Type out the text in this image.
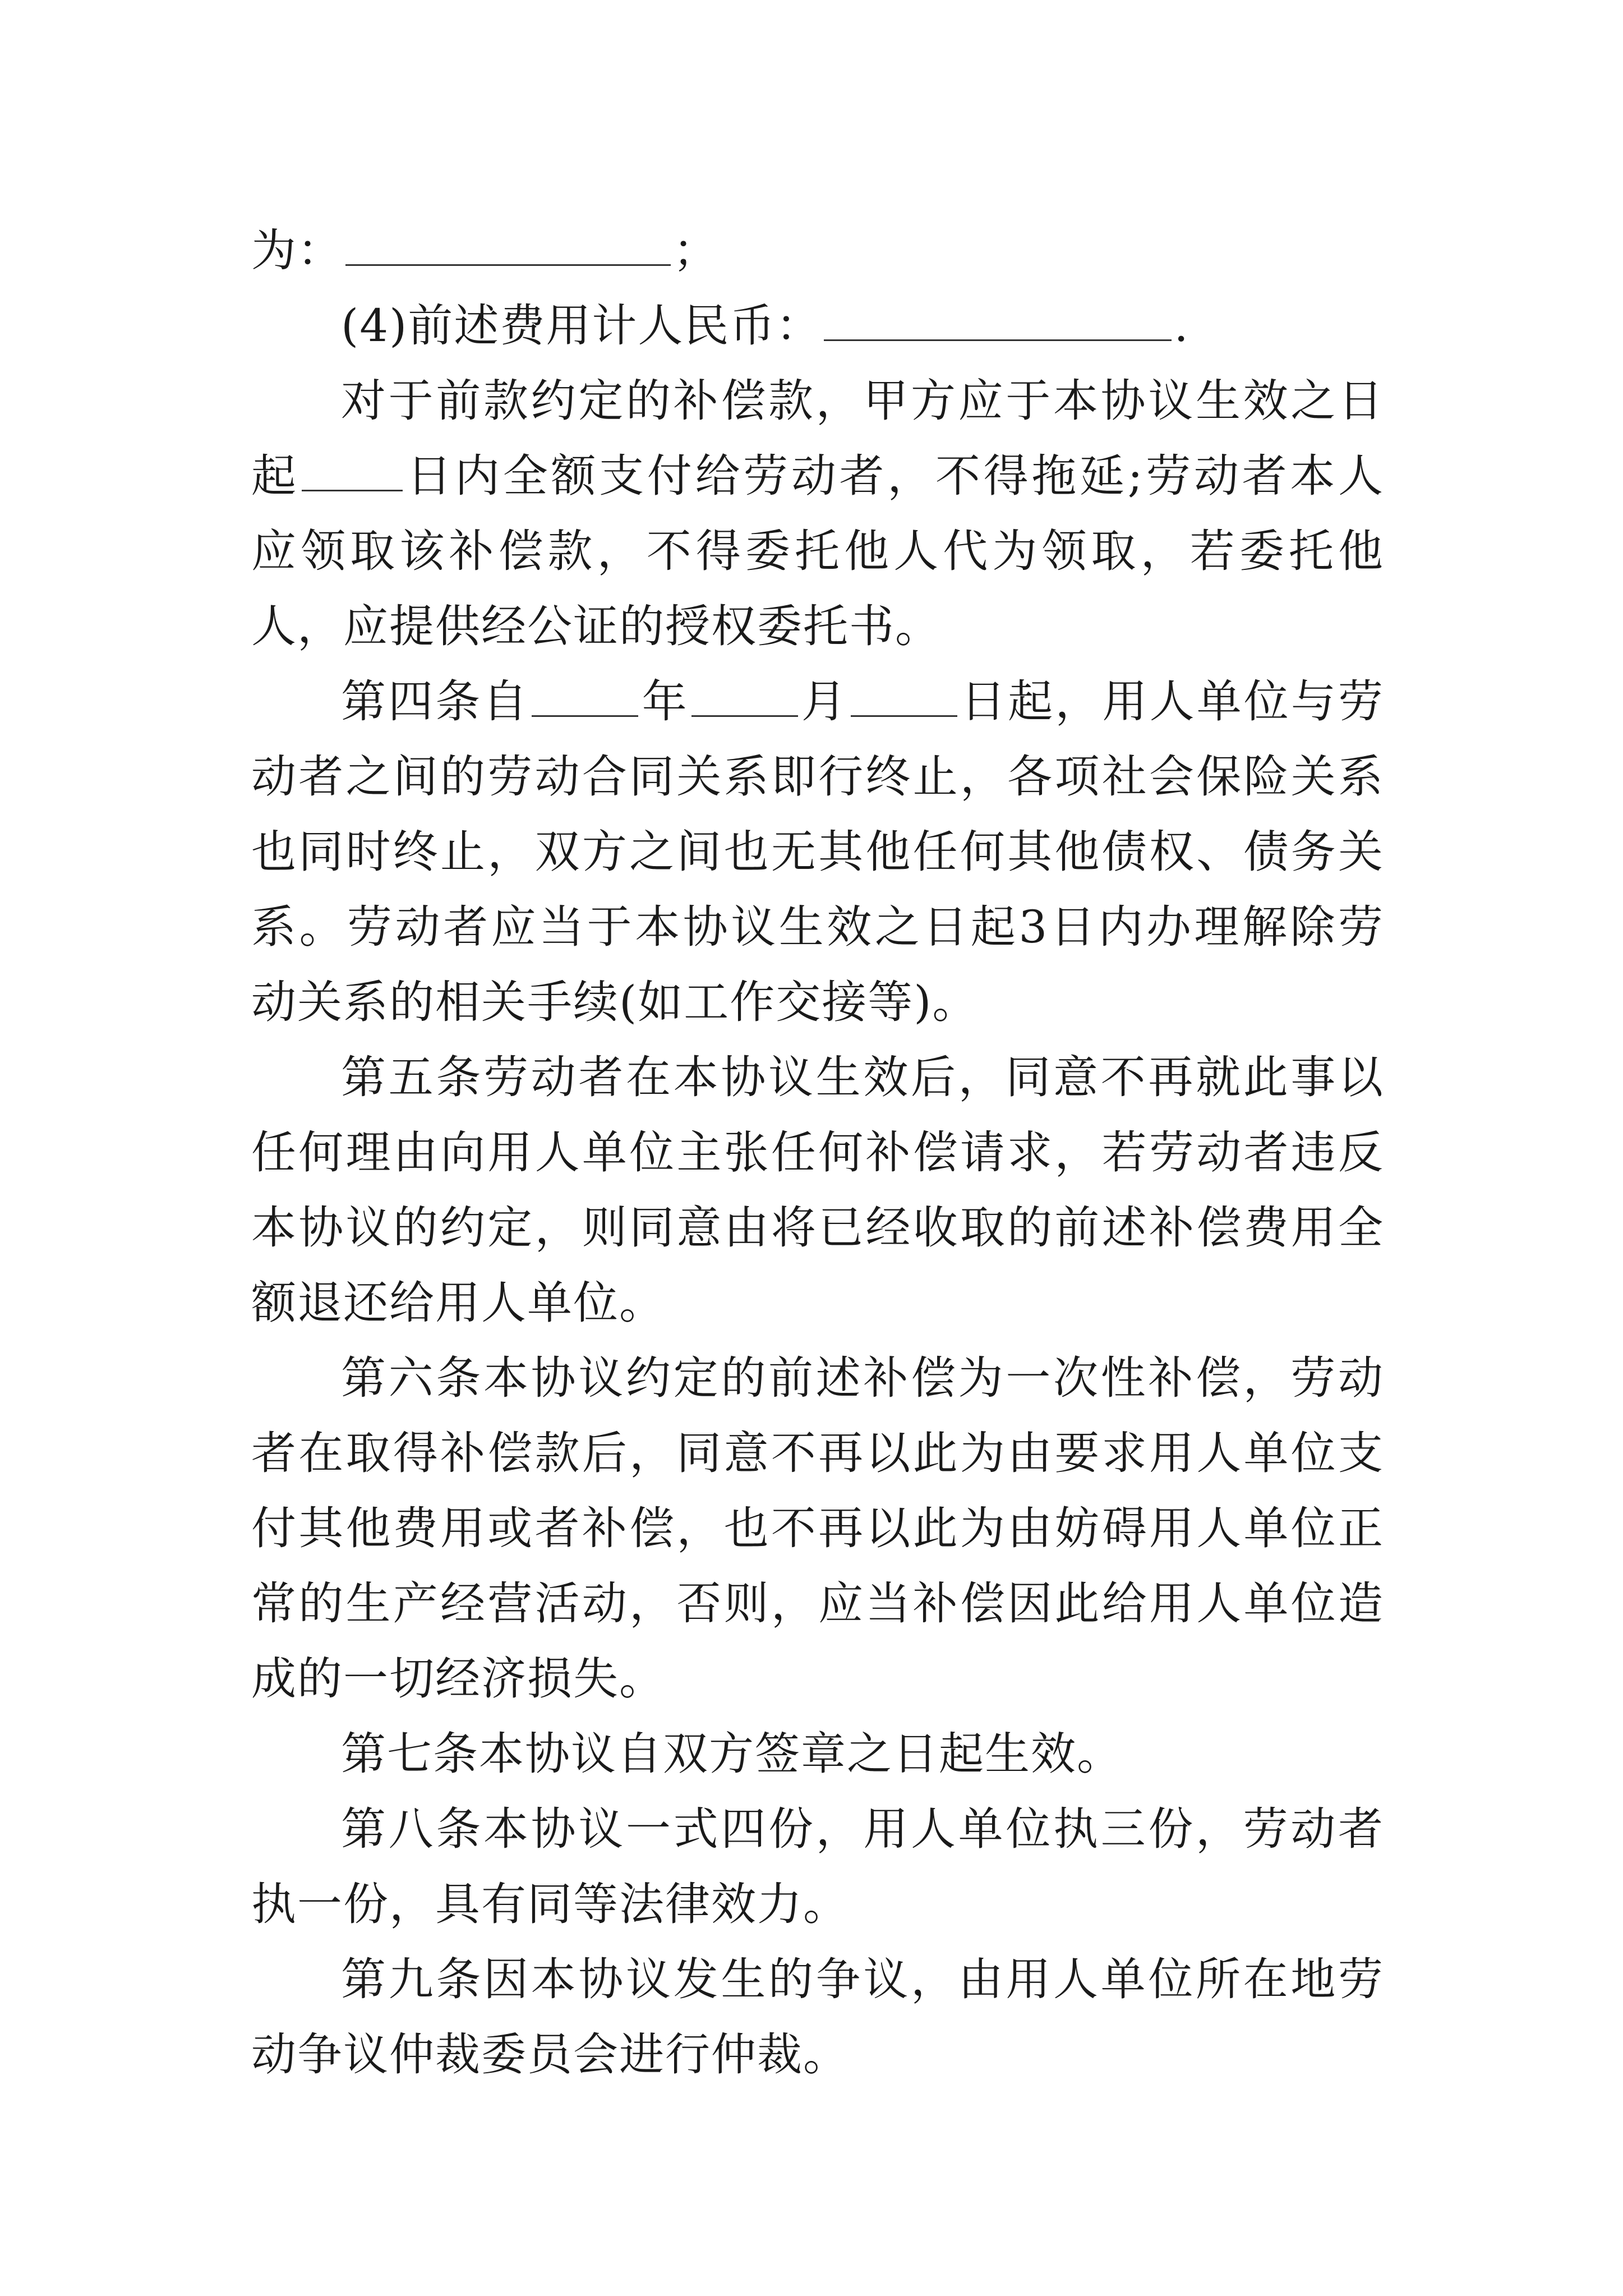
为：	；

(4)前述费用计人民币：	.

对于前款约定的补偿款，甲方应于本协议生效之日起 日内全额支付给劳动者，不得拖延;劳动者本人应领取该补偿款，不得委托他人代为领取，若委托他人，应提供经公证的授权委托书。

第四条自 年 月 日起，用人单位与劳动者之间的劳动合同关系即行终止，各项社会保险关系也同时终止，双方之间也无其他任何其他债权、债务关系。劳动者应当于本协议生效之日起3日内办理解除劳动关系的相关手续(如工作交接等)。

第五条劳动者在本协议生效后，同意不再就此事以任何理由向用人单位主张任何补偿请求，若劳动者违反本协议的约定，则同意由将已经收取的前述补偿费用全额退还给用人单位。

第六条本协议约定的前述补偿为一次性补偿，劳动者在取得补偿款后，同意不再以此为由要求用人单位支付其他费用或者补偿，也不再以此为由妨碍用人单位正常的生产经营活动，否则，应当补偿因此给用人单位造成的一切经济损失。

第七条本协议自双方签章之日起生效。

第八条本协议一式四份，用人单位执三份，劳动者执一份，具有同等法律效力。

第九条因本协议发生的争议，由用人单位所在地劳动争议仲裁委员会进行仲裁。
